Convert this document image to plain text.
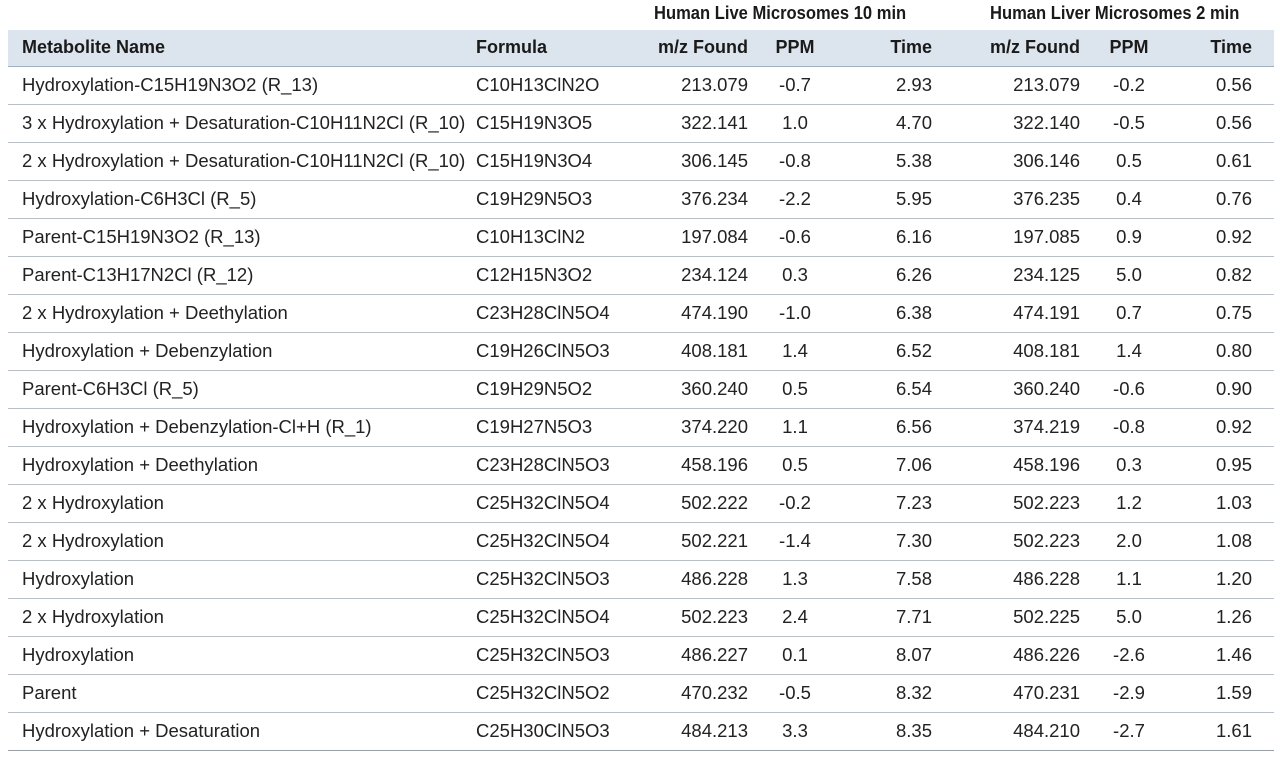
Human Live Microsomes 10 min	Human Liver Microsomes 2 min
Metabolite Name	Formula	m/z Found	PPM	Time	m/z Found	PPM	Time
Hydroxylation-C15H19N3O2 (R_13)	C10H13ClN2O	213.079	-0.7	2.93	213.079	-0.2	0.56
3 x Hydroxylation + Desaturation-C10H11N2Cl (R_10)	C15H19N3O5	322.141	1.0	4.70	322.140	-0.5	0.56
2 x Hydroxylation + Desaturation-C10H11N2Cl (R_10)	C15H19N3O4	306.145	-0.8	5.38	306.146	0.5	0.61
Hydroxylation-C6H3Cl (R_5)	C19H29N5O3	376.234	-2.2	5.95	376.235	0.4	0.76
Parent-C15H19N3O2 (R_13)	C10H13ClN2	197.084	-0.6	6.16	197.085	0.9	0.92
Parent-C13H17N2Cl (R_12)	C12H15N3O2	234.124	0.3	6.26	234.125	5.0	0.82
2 x Hydroxylation + Deethylation	C23H28ClN5O4	474.190	-1.0	6.38	474.191	0.7	0.75
Hydroxylation + Debenzylation	C19H26ClN5O3	408.181	1.4	6.52	408.181	1.4	0.80
Parent-C6H3Cl (R_5)	C19H29N5O2	360.240	0.5	6.54	360.240	-0.6	0.90
Hydroxylation + Debenzylation-Cl+H (R_1)	C19H27N5O3	374.220	1.1	6.56	374.219	-0.8	0.92
Hydroxylation + Deethylation	C23H28ClN5O3	458.196	0.5	7.06	458.196	0.3	0.95
2 x Hydroxylation	C25H32ClN5O4	502.222	-0.2	7.23	502.223	1.2	1.03
2 x Hydroxylation	C25H32ClN5O4	502.221	-1.4	7.30	502.223	2.0	1.08
Hydroxylation	C25H32ClN5O3	486.228	1.3	7.58	486.228	1.1	1.20
2 x Hydroxylation	C25H32ClN5O4	502.223	2.4	7.71	502.225	5.0	1.26
Hydroxylation	C25H32ClN5O3	486.227	0.1	8.07	486.226	-2.6	1.46
Parent	C25H32ClN5O2	470.232	-0.5	8.32	470.231	-2.9	1.59
Hydroxylation + Desaturation	C25H30ClN5O3	484.213	3.3	8.35	484.210	-2.7	1.61
